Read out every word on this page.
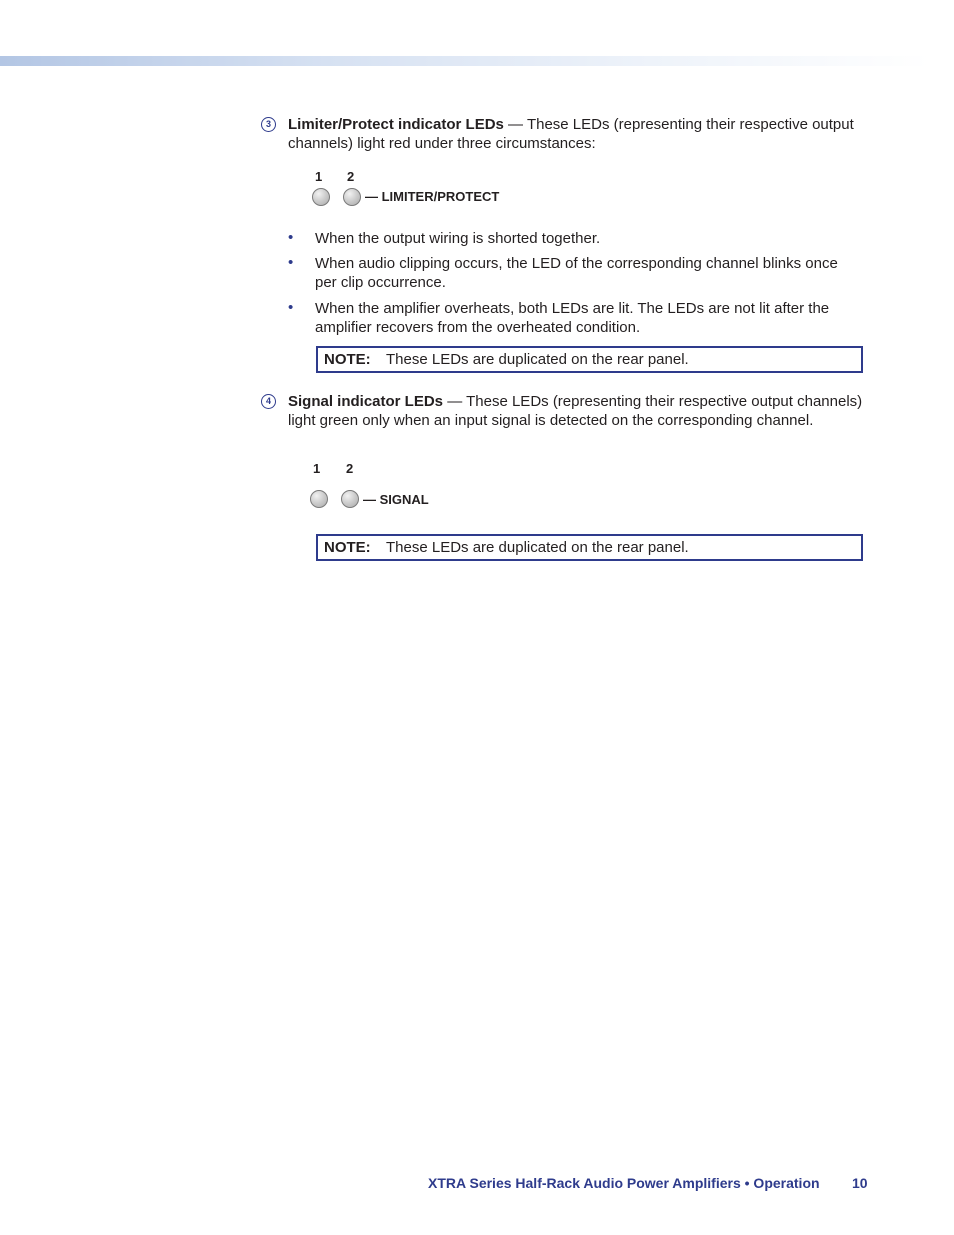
3	Limiter/Protect indicator LEDs — These LEDs (representing their respective output channels) light red under three circumstances:
1 2
— LIMITER/PROTECT
• When the output wiring is shorted together.
• When audio clipping occurs, the LED of the corresponding channel blinks once per clip occurrence.
• When the amplifier overheats, both LEDs are lit. The LEDs are not lit after the amplifier recovers from the overheated condition.
NOTE: These LEDs are duplicated on the rear panel.
4	Signal indicator LEDs — These LEDs (representing their respective output channels) light green only when an input signal is detected on the corresponding channel.
1 2
— SIGNAL
NOTE: These LEDs are duplicated on the rear panel.
XTRA Series Half-Rack Audio Power Amplifiers • Operation 10
